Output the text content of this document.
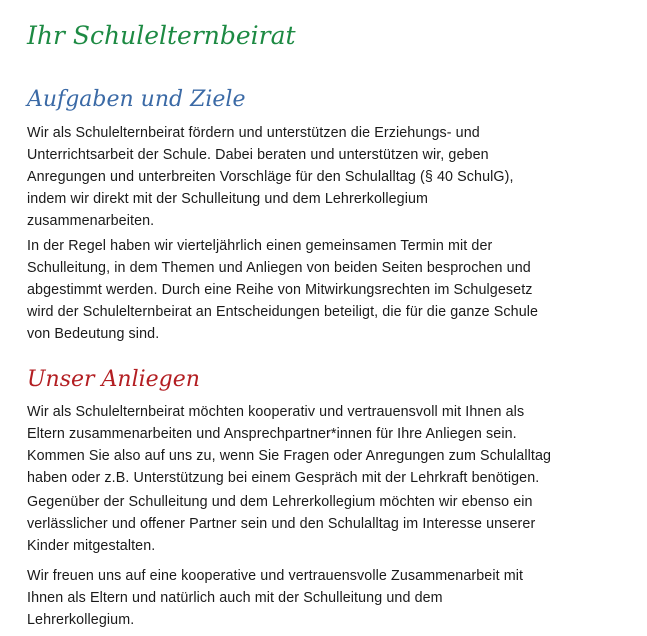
Ihr Schulelternbeirat
Aufgaben und Ziele

Wir als Schulelternbeirat fördern und unterstützen die Erziehungs- und
Unterrichtsarbeit der Schule. Dabei beraten und unterstützen wir, geben
Anregungen und unterbreiten Vorschläge für den Schulalltag (§ 40 SchulG),
indem wir direkt mit der Schulleitung und dem Lehrerkollegium
zusammenarbeiten.

In der Regel haben wir vierteljährlich einen gemeinsamen Termin mit der
Schulleitung, in dem Themen und Anliegen von beiden Seiten besprochen und
abgestimmt werden. Durch eine Reihe von Mitwirkungsrechten im Schulgesetz
wird der Schulelternbeirat an Entscheidungen beteiligt, die für die ganze Schule
von Bedeutung sind.

Unser Anliegen

Wir als Schulelternbeirat möchten kooperativ und vertrauensvoll mit Ihnen als
Eltern zusammenarbeiten und Ansprechpartner*innen für Ihre Anliegen sein.
Kommen Sie also auf uns zu, wenn Sie Fragen oder Anregungen zum Schulalltag
haben oder z.B. Unterstützung bei einem Gespräch mit der Lehrkraft benötigen.

Gegenüber der Schulleitung und dem Lehrerkollegium möchten wir ebenso ein
verlässlicher und offener Partner sein und den Schulalltag im Interesse unserer
Kinder mitgestalten.

Wir freuen uns auf eine kooperative und vertrauensvolle Zusammenarbeit mit
Ihnen als Eltern und natürlich auch mit der Schulleitung und dem
Lehrerkollegium.
